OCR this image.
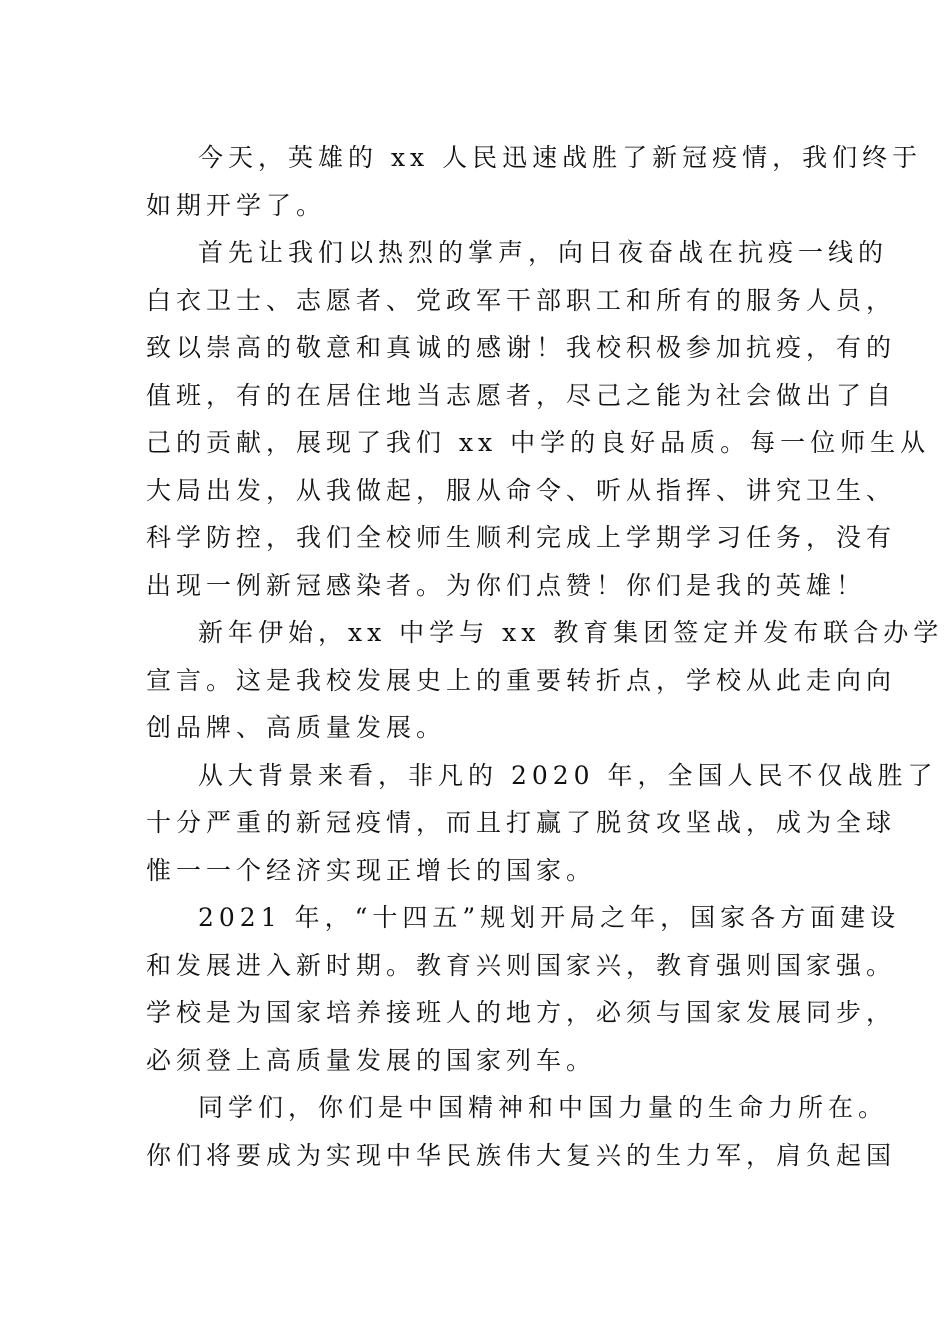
今天，英雄的 xx 人民迅速战胜了新冠疫情，我们终于
如期开学了。
首先让我们以热烈的掌声，向日夜奋战在抗疫一线的
白衣卫士、志愿者、党政军干部职工和所有的服务人员，
致以崇高的敬意和真诚的感谢！我校积极参加抗疫，有的
值班，有的在居住地当志愿者，尽己之能为社会做出了自
己的贡献，展现了我们 xx 中学的良好品质。每一位师生从
大局出发，从我做起，服从命令、听从指挥、讲究卫生、
科学防控，我们全校师生顺利完成上学期学习任务，没有
出现一例新冠感染者。为你们点赞！你们是我的英雄！
新年伊始，xx 中学与 xx 教育集团签定并发布联合办学
宣言。这是我校发展史上的重要转折点，学校从此走向向
创品牌、高质量发展。
从大背景来看，非凡的 2020 年，全国人民不仅战胜了
十分严重的新冠疫情，而且打赢了脱贫攻坚战，成为全球
惟一一个经济实现正增长的国家。
2021 年，“十四五”规划开局之年，国家各方面建设
和发展进入新时期。教育兴则国家兴，教育强则国家强。
学校是为国家培养接班人的地方，必须与国家发展同步，
必须登上高质量发展的国家列车。
同学们，你们是中国精神和中国力量的生命力所在。
你们将要成为实现中华民族伟大复兴的生力军，肩负起国
